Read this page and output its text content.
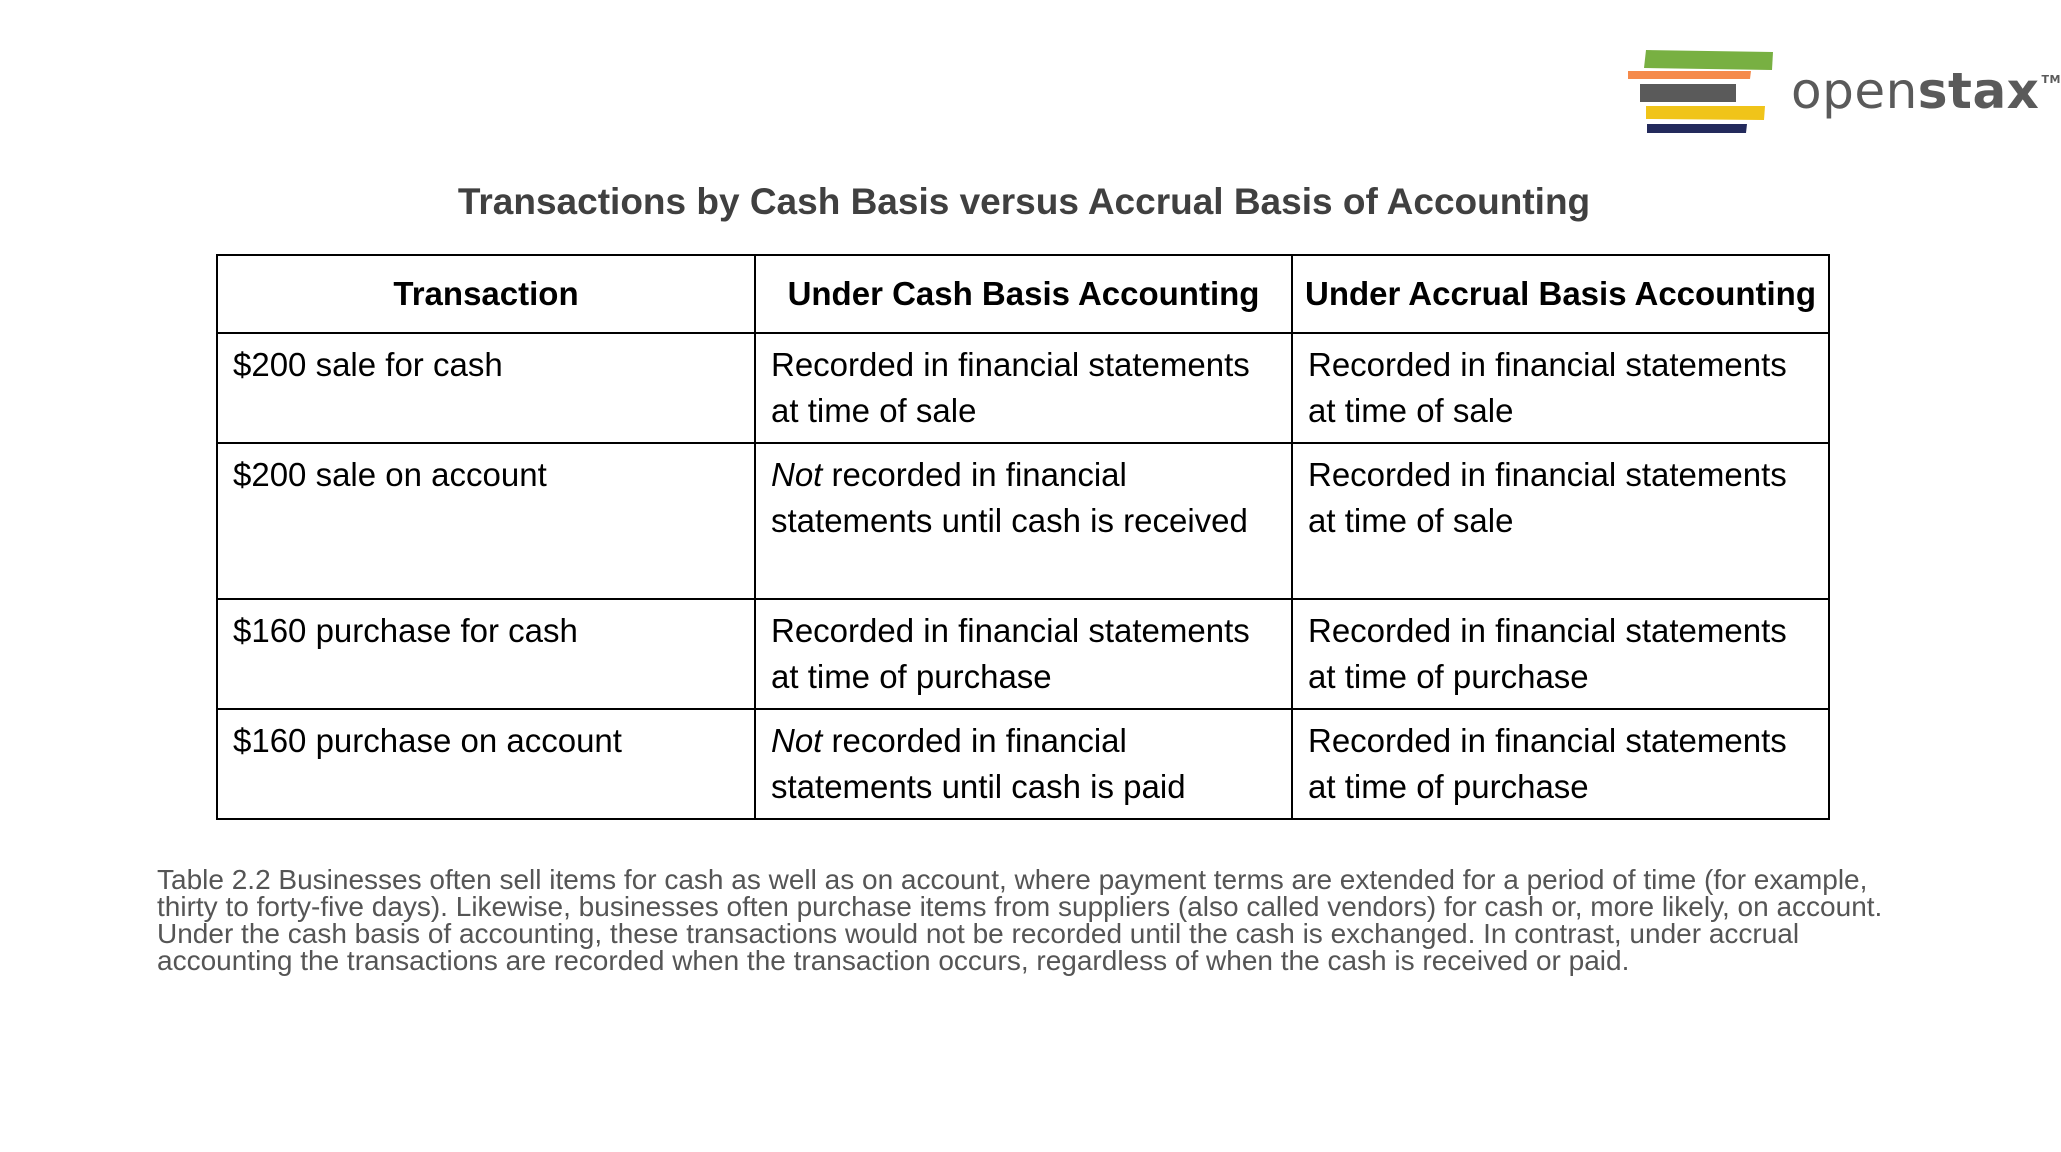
openstax ™
Transactions by Cash Basis versus Accrual Basis of Accounting
Transaction	Under Cash Basis Accounting	Under Accrual Basis Accounting
$200 sale for cash	Recorded in financial statements at time of sale	Recorded in financial statements at time of sale
$200 sale on account	Not recorded in financial statements until cash is received	Recorded in financial statements at time of sale
$160 purchase for cash	Recorded in financial statements at time of purchase	Recorded in financial statements at time of purchase
$160 purchase on account	Not recorded in financial statements until cash is paid	Recorded in financial statements at time of purchase
Table 2.2 Businesses often sell items for cash as well as on account, where payment terms are extended for a period of time (for example, thirty to forty-five days). Likewise, businesses often purchase items from suppliers (also called vendors) for cash or, more likely, on account. Under the cash basis of accounting, these transactions would not be recorded until the cash is exchanged. In contrast, under accrual accounting the transactions are recorded when the transaction occurs, regardless of when the cash is received or paid.
